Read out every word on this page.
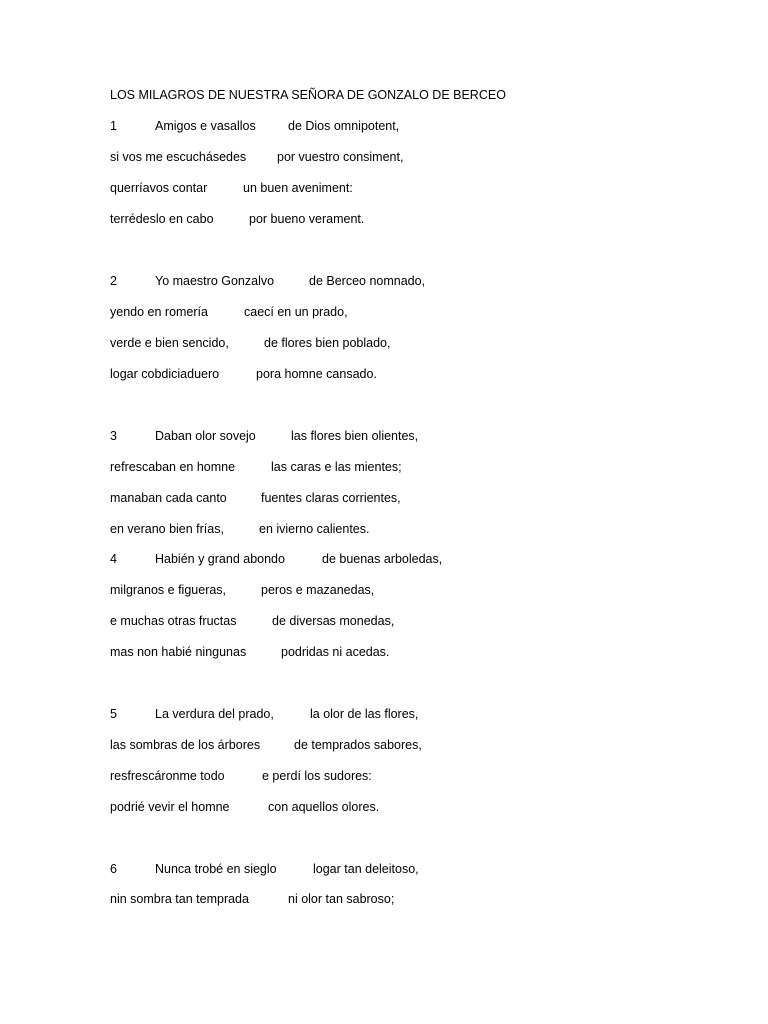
LOS MILAGROS DE NUESTRA SEÑORA DE GONZALO DE BERCEO
1	Amigos e vasallos	de Dios omnipotent,
si vos me escuchásedes por vuestro consiment,
querríavos contar	un buen aveniment:
terrédeslo en cabo	por bueno verament.
2	Yo maestro Gonzalvo	de Berceo nomnado,
yendo en romería	caecí en un prado,
verde e bien sencido,	de flores bien poblado,
logar cobdiciaduero	pora homne cansado.
3	Daban olor sovejo	las flores bien olientes,
refrescaban en homne	las caras e las mientes;
manaban cada canto	fuentes claras corrientes,
en verano bien frías,	en ivierno calientes.
4	Habién y grand abondo	de buenas arboledas,
milgranos e figueras,	peros e mazanedas,
e muchas otras fructas	de diversas monedas,
mas non habié ningunas	podridas ni acedas.
5	La verdura del prado,	la olor de las flores,
las sombras de los árbores	de temprados sabores,
resfrescáronme todo	e perdí los sudores:
podrié vevir el homne	con aquellos olores.
6	Nunca trobé en sieglo	logar tan deleitoso,
nin sombra tan temprada	ni olor tan sabroso;
